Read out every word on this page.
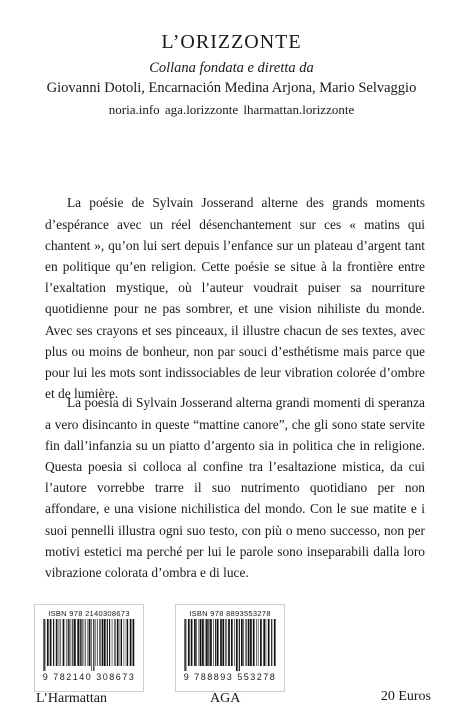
L’ORIZZONTE
Collana fondata e diretta da
Giovanni Dotoli, Encarnación Medina Arjona, Mario Selvaggio
noria.info aga.lorizzonte lharmattan.lorizzonte

La poésie de Sylvain Josserand alterne des grands moments d’espérance avec un réel désenchantement sur ces « matins qui chantent », qu’on lui sert depuis l’enfance sur un plateau d’argent tant en politique qu’en religion. Cette poésie se situe à la frontière entre l’exaltation mystique, où l’auteur voudrait puiser sa nourriture quotidienne pour ne pas sombrer, et une vision nihiliste du monde. Avec ses crayons et ses pinceaux, il illustre chacun de ses textes, avec plus ou moins de bonheur, non par souci d’esthétisme mais parce que pour lui les mots sont indissociables de leur vibration colorée d’ombre et de lumière.

La poesia di Sylvain Josserand alterna grandi momenti di speranza a vero disincanto in queste “mattine canore”, che gli sono state servite fin dall’infanzia su un piatto d’argento sia in politica che in religione. Questa poesia si colloca al confine tra l’esaltazione mistica, da cui l’autore vorrebbe trarre il suo nutrimento quotidiano per non affondare, e una visione nichilistica del mondo. Con le sue matite e i suoi pennelli illustra ogni suo testo, con più o meno successo, non per motivi estetici ma perché per lui le parole sono inseparabili dalla loro vibrazione colorata d’ombra e di luce.

ISBN 978 2140308673
9 782140 308673
ISBN 978 8893553278
9 788893 553278
L’Harmattan	AGA	20 Euros
